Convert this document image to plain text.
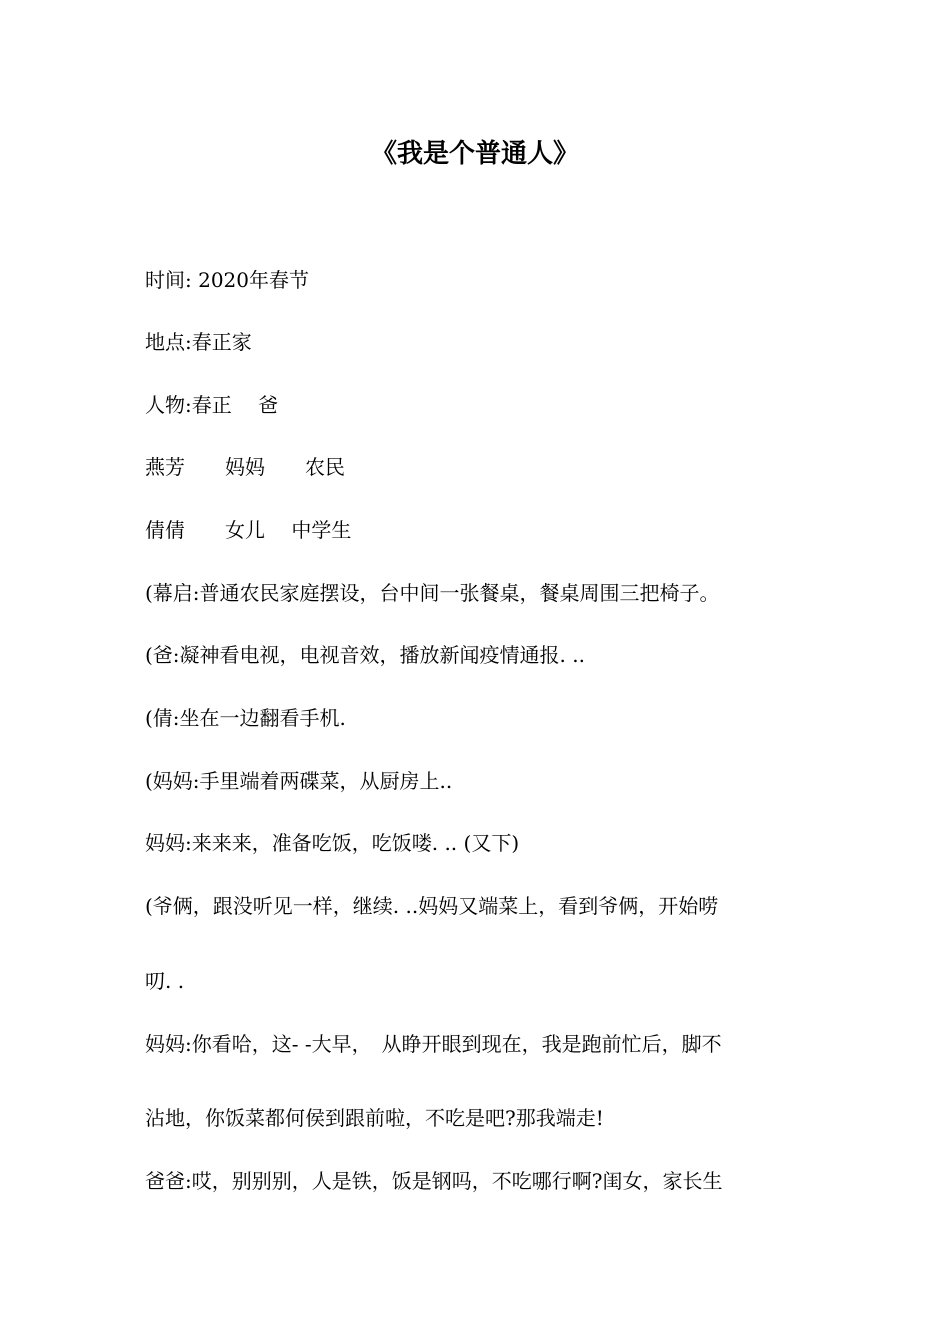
《我是个普通人》
时间: 2020年春节
地点:春正家
人物:春正　 爸
燕芳　　妈妈　　农民
倩倩　　女儿　 中学生
(幕启:普通农民家庭摆设，台中间一张餐桌，餐桌周围三把椅子。
(爸:凝神看电视，电视音效，播放新闻疫情通报. ..
(倩:坐在一边翻看手机.
(妈妈:手里端着两碟菜，从厨房上..
妈妈:来来来，准备吃饭，吃饭喽. .. (又下)
(爷俩，跟没听见一样，继续. ..妈妈又端菜上，看到爷俩，开始唠
叨. .
妈妈:你看哈，这- -大早，　从睁开眼到现在，我是跑前忙后，脚不
沾地，你饭菜都何侯到跟前啦，不吃是吧?那我端走!
爸爸:哎，别别别，人是铁，饭是钢吗，不吃哪行啊?闺女，家长生
